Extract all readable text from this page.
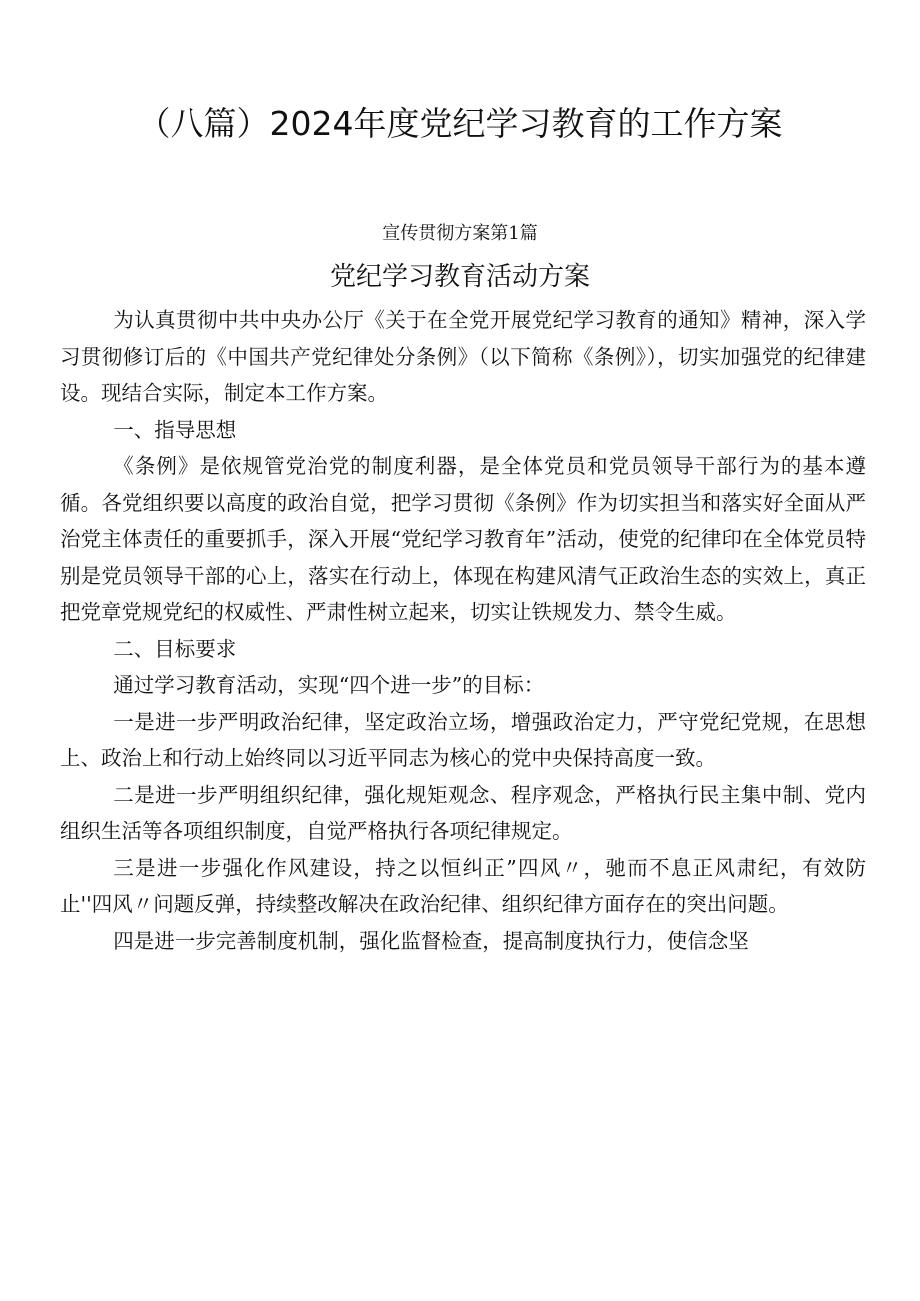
（八篇）2024年度党纪学习教育的工作方案
宣传贯彻方案第1篇
党纪学习教育活动方案

为认真贯彻中共中央办公厅《关于在全党开展党纪学习教育的通知》精神，深入学习贯彻修订后的《中国共产党纪律处分条例》（以下简称《条例》），切实加强党的纪律建设。现结合实际，制定本工作方案。

一、指导思想

《条例》是依规管党治党的制度利器，是全体党员和党员领导干部行为的基本遵循。各党组织要以高度的政治自觉，把学习贯彻《条例》作为切实担当和落实好全面从严治党主体责任的重要抓手，深入开展“党纪学习教育年”活动，使党的纪律印在全体党员特别是党员领导干部的心上，落实在行动上，体现在构建风清气正政治生态的实效上，真正把党章党规党纪的权威性、严肃性树立起来，切实让铁规发力、禁令生威。

二、目标要求

通过学习教育活动，实现“四个进一步”的目标：

一是进一步严明政治纪律，坚定政治立场，增强政治定力，严守党纪党规，在思想上、政治上和行动上始终同以习近平同志为核心的党中央保持高度一致。

二是进一步严明组织纪律，强化规矩观念、程序观念，严格执行民主集中制、党内组织生活等各项组织制度，自觉严格执行各项纪律规定。

三是进一步强化作风建设，持之以恒纠正”四风〃，驰而不息正风肃纪，有效防止''四风〃问题反弹，持续整改解决在政治纪律、组织纪律方面存在的突出问题。

四是进一步完善制度机制，强化监督检查，提高制度执行力，使信念坚
